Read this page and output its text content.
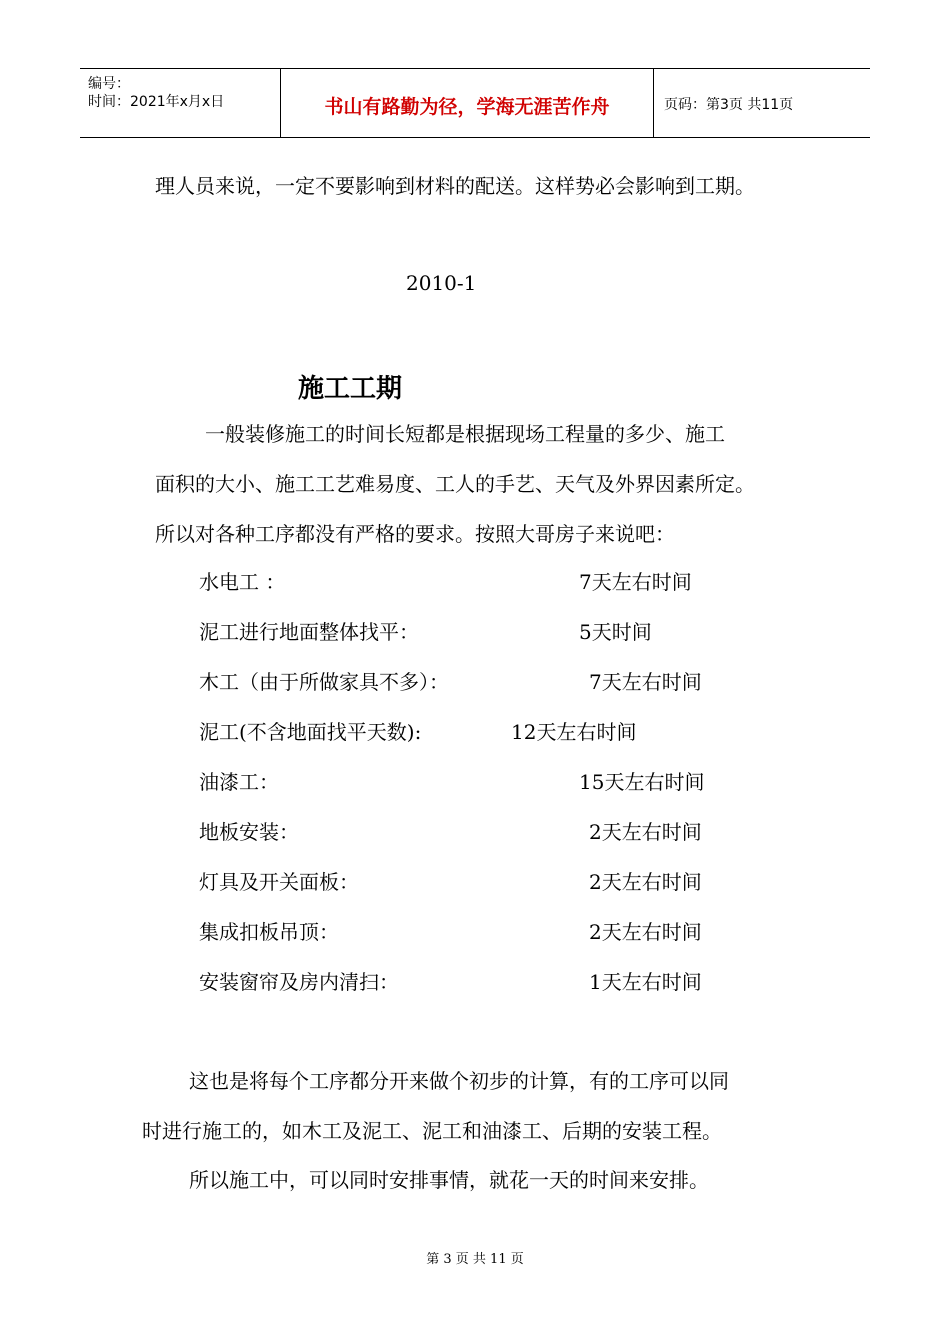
编号：
时间：2021年x月x日	书山有路勤为径，学海无涯苦作舟	页码：第3页 共11页
理人员来说，一定不要影响到材料的配送。这样势必会影响到工期。
2010-1
施工工期
一般装修施工的时间长短都是根据现场工程量的多少、施工
面积的大小、施工工艺难易度、工人的手艺、天气及外界因素所定。
所以对各种工序都没有严格的要求。按照大哥房子来说吧：
水电工 ：	7天左右时间
泥工进行地面整体找平：	5天时间
木工（由于所做家具不多）：	7天左右时间
泥工(不含地面找平天数):	12天左右时间
油漆工：	15天左右时间
地板安装：	2天左右时间
灯具及开关面板：	2天左右时间
集成扣板吊顶：	2天左右时间
安装窗帘及房内清扫：	1天左右时间
这也是将每个工序都分开来做个初步的计算，有的工序可以同
时进行施工的，如木工及泥工、泥工和油漆工、后期的安装工程。
所以施工中，可以同时安排事情，就花一天的时间来安排。
第 3 页 共 11 页
